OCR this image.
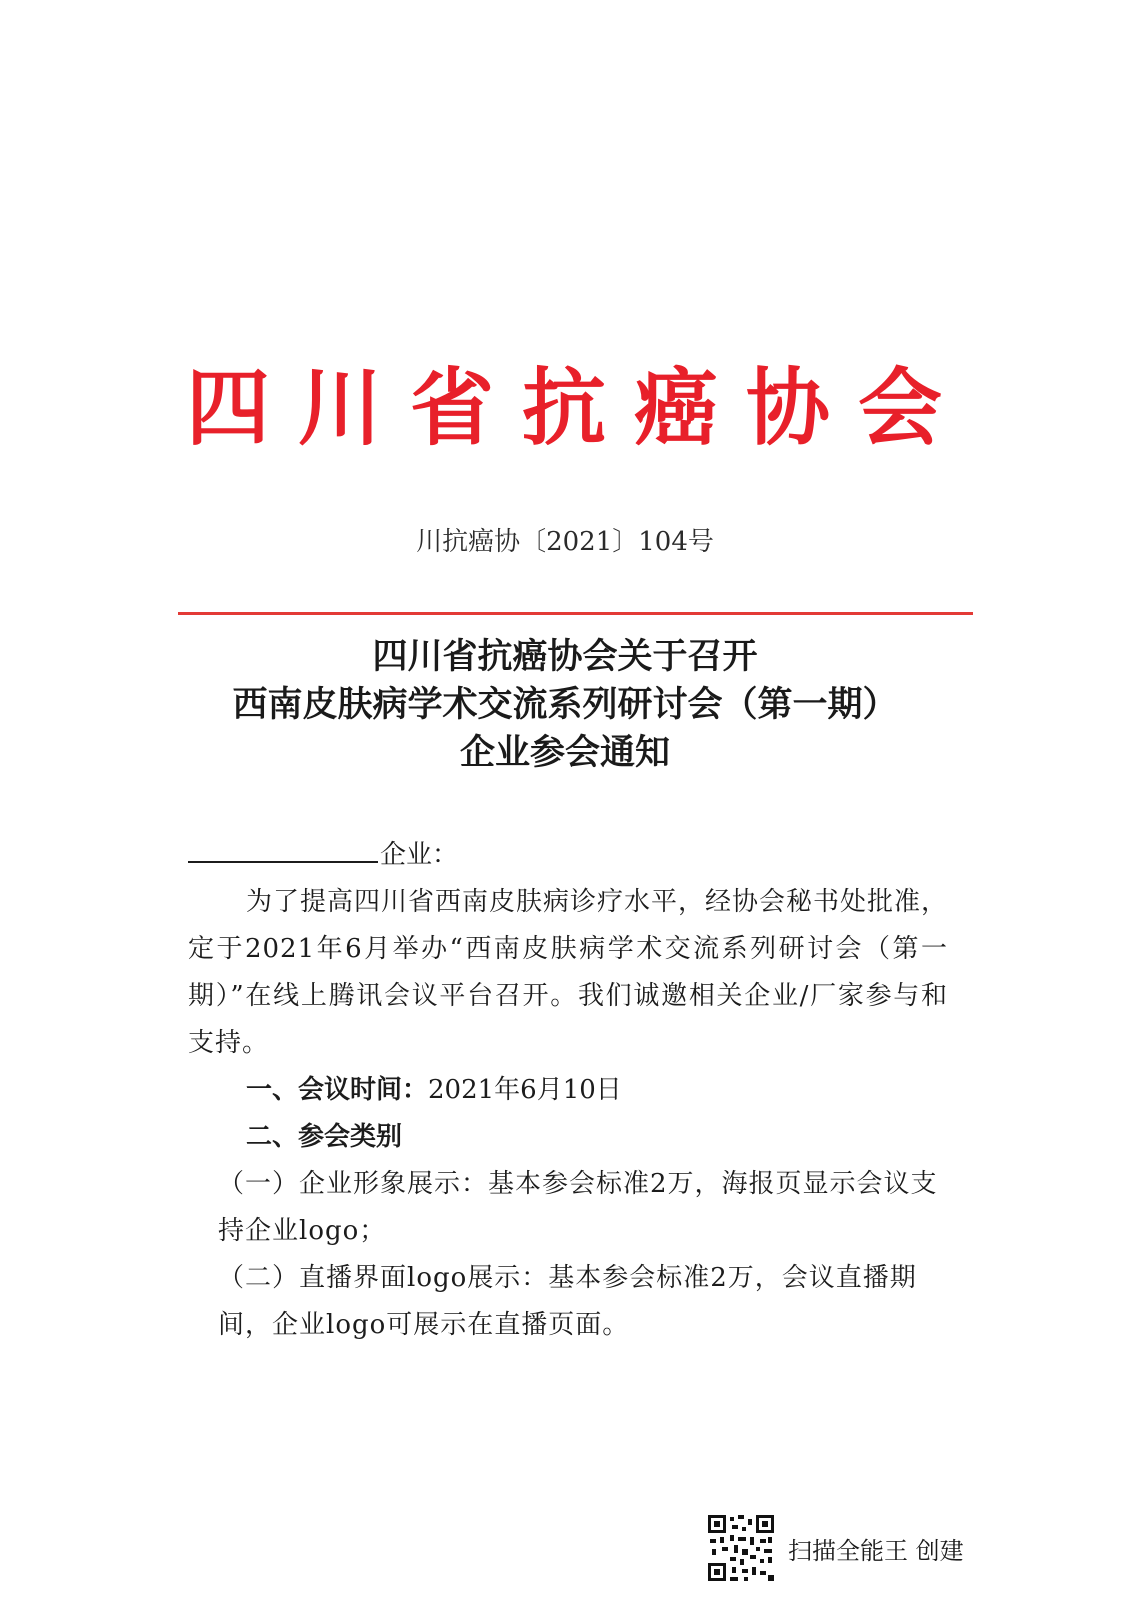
四川省抗癌协会
川抗癌协〔2021〕104号
四川省抗癌协会关于召开
西南皮肤病学术交流系列研讨会（第一期）
企业参会通知
企业：
为了提高四川省西南皮肤病诊疗水平，经协会秘书处批准，定于2021年6月举办“西南皮肤病学术交流系列研讨会（第一期）”在线上腾讯会议平台召开。我们诚邀相关企业/厂家参与和支持。
一、会议时间：2021年6月10日
二、参会类别
（一）企业形象展示：基本参会标准2万，海报页显示会议支持企业logo；
（二）直播界面logo展示：基本参会标准2万，会议直播期间，企业logo可展示在直播页面。
扫描全能王 创建
